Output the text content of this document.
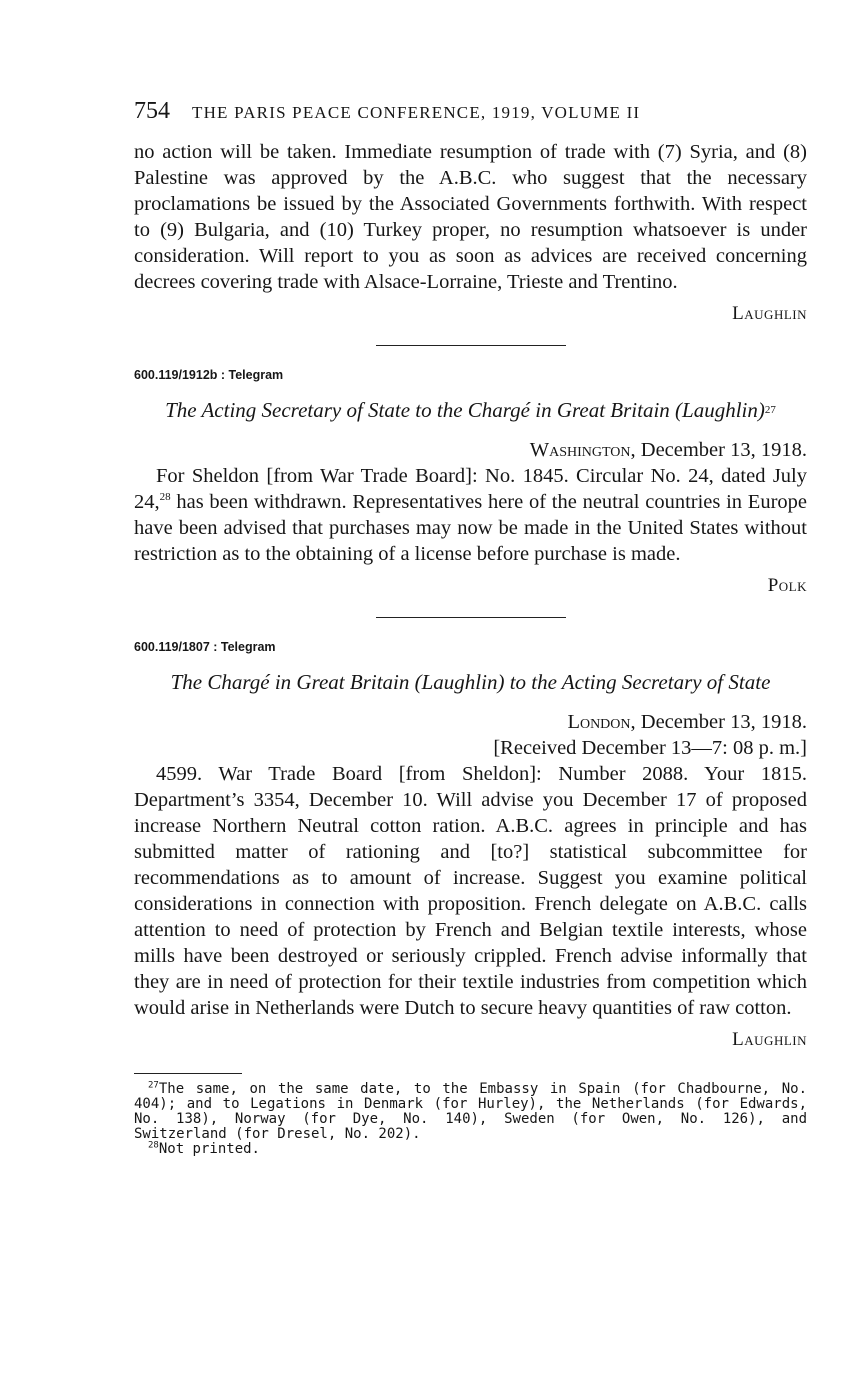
754 THE PARIS PEACE CONFERENCE, 1919, VOLUME II

no action will be taken. Immediate resumption of trade with (7) Syria, and (8) Palestine was approved by the A.B.C. who suggest that the necessary proclamations be issued by the Associated Governments forthwith. With respect to (9) Bulgaria, and (10) Turkey proper, no resumption whatsoever is under consideration. Will report to you as soon as advices are received concerning decrees covering trade with Alsace-Lorraine, Trieste and Trentino.

Laughlin
600.119/1912b : Telegram
The Acting Secretary of State to the Chargé in Great Britain (Laughlin)$^{27}$
Washington, December 13, 1918.

For Sheldon [from War Trade Board]: No. 1845. Circular No. 24, dated July 24,28 has been withdrawn. Representatives here of the neutral countries in Europe have been advised that purchases may now be made in the United States without restriction as to the obtaining of a license before purchase is made.

Polk
600.119/1807 : Telegram
The Chargé in Great Britain (Laughlin) to the Acting Secretary of State
London, December 13, 1918.
[Received December 13—7: 08 p. m.]

4599. War Trade Board [from Sheldon]: Number 2088. Your 1815. Department’s 3354, December 10. Will advise you December 17 of proposed increase Northern Neutral cotton ration. A.B.C. agrees in principle and has submitted matter of rationing and [to?] statistical subcommittee for recommendations as to amount of increase. Suggest you examine political considerations in connection with proposition. French delegate on A.B.C. calls attention to need of protection by French and Belgian textile interests, whose mills have been destroyed or seriously crippled. French advise informally that they are in need of protection for their textile industries from competition which would arise in Netherlands were Dutch to secure heavy quantities of raw cotton.

Laughlin
$^{27}$The same, on the same date, to the Embassy in Spain (for Chadbourne, No. 404); and to Legations in Denmark (for Hurley), the Netherlands (for Edwards, No. 138), Norway (for Dye, No. 140), Sweden (for Owen, No. 126), and Switzerland (for Dresel, No. 202).
$^{28}$Not printed.
